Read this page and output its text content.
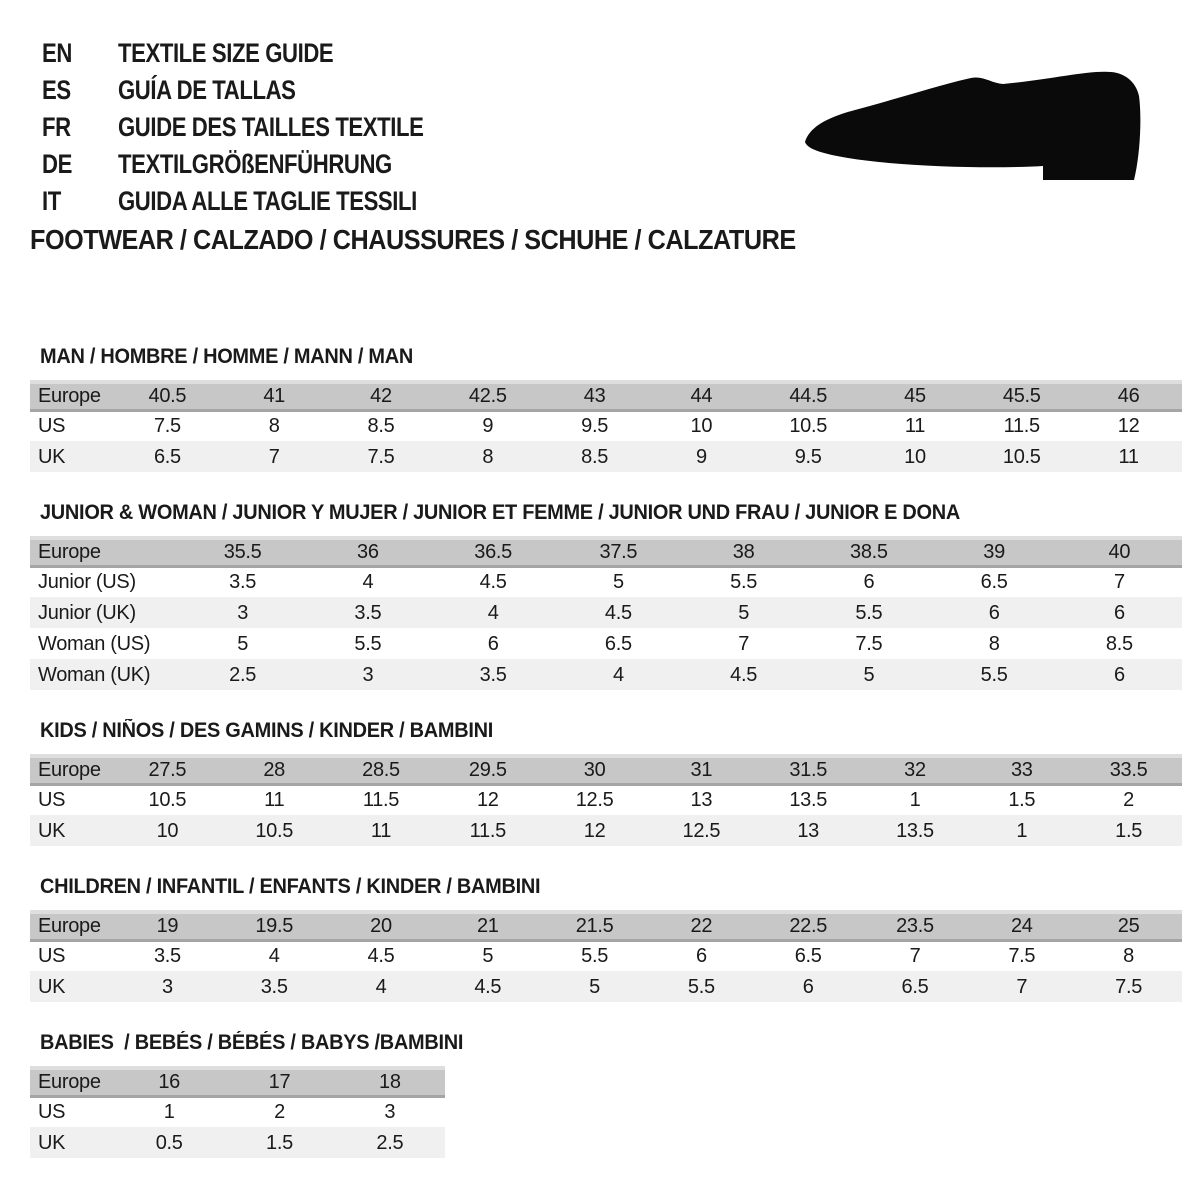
EN	TEXTILE SIZE GUIDE
ES	GUÍA DE TALLAS
FR	GUIDE DES TAILLES TEXTILE
DE	TEXTILGRÖßENFÜHRUNG
IT	GUIDA ALLE TAGLIE TESSILI
FOOTWEAR / CALZADO / CHAUSSURES / SCHUHE / CALZATURE
MAN / HOMBRE / HOMME / MANN / MAN
Europe	40.5	41	42	42.5	43	44	44.5	45	45.5	46
US	7.5	8	8.5	9	9.5	10	10.5	11	11.5	12
UK	6.5	7	7.5	8	8.5	9	9.5	10	10.5	11
JUNIOR & WOMAN / JUNIOR Y MUJER / JUNIOR ET FEMME / JUNIOR UND FRAU / JUNIOR E DONA
Europe	35.5	36	36.5	37.5	38	38.5	39	40
Junior (US)	3.5	4	4.5	5	5.5	6	6.5	7
Junior (UK)	3	3.5	4	4.5	5	5.5	6	6
Woman (US)	5	5.5	6	6.5	7	7.5	8	8.5
Woman (UK)	2.5	3	3.5	4	4.5	5	5.5	6
KIDS / NIÑOS / DES GAMINS / KINDER / BAMBINI
Europe	27.5	28	28.5	29.5	30	31	31.5	32	33	33.5
US	10.5	11	11.5	12	12.5	13	13.5	1	1.5	2
UK	10	10.5	11	11.5	12	12.5	13	13.5	1	1.5
CHILDREN / INFANTIL / ENFANTS / KINDER / BAMBINI
Europe	19	19.5	20	21	21.5	22	22.5	23.5	24	25
US	3.5	4	4.5	5	5.5	6	6.5	7	7.5	8
UK	3	3.5	4	4.5	5	5.5	6	6.5	7	7.5
BABIES  / BEBÉS / BÉBÉS / BABYS /BAMBINI
Europe	16	17	18
US	1	2	3
UK	0.5	1.5	2.5
